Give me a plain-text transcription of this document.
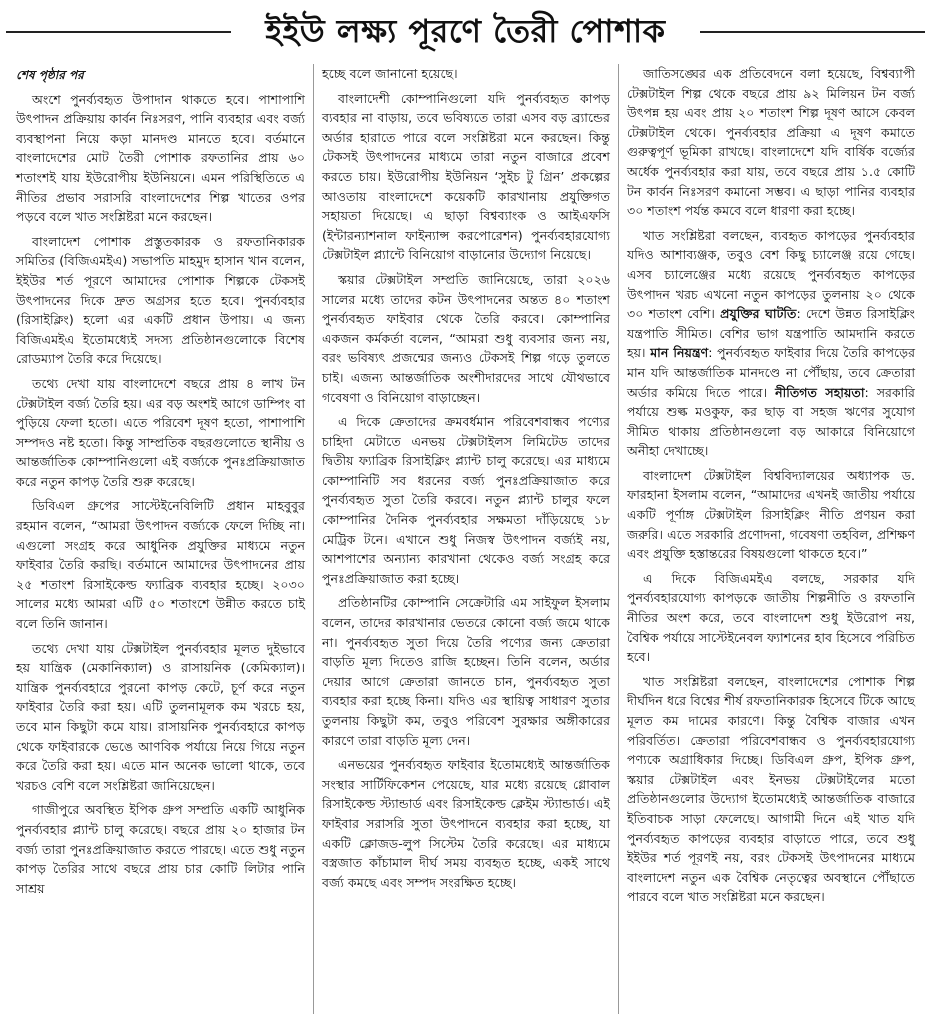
ইইউ লক্ষ্য পূরণে তৈরী পোশাক
শেষ পৃষ্ঠার পর

অংশে পুনর্ব্যবহৃত উপাদান থাকতে হবে। পাশাপাশি উৎপাদন প্রক্রিয়ায় কার্বন নিঃসরণ, পানি ব্যবহার এবং বর্জ্য ব্যবস্থাপনা নিয়ে কড়া মানদণ্ড মানতে হবে। বর্তমানে বাংলাদেশের মোট তৈরী পোশাক রফতানির প্রায় ৬০ শতাংশই যায় ইউরোপীয় ইউনিয়নে। এমন পরিস্থিতিতে এ নীতির প্রভাব সরাসরি বাংলাদেশের শিল্প খাতের ওপর পড়বে বলে খাত সংশ্লিষ্টরা মনে করছেন।

বাংলাদেশ পোশাক প্রস্তুতকারক ও রফতানিকারক সমিতির (বিজিএমইএ) সভাপতি মাহমুদ হাসান খান বলেন, ইইউর শর্ত পূরণে আমাদের পোশাক শিল্পকে টেকসই উৎপাদনের দিকে দ্রুত অগ্রসর হতে হবে। পুনর্ব্যবহার (রিসাইক্লিং) হলো এর একটি প্রধান উপায়। এ জন্য বিজিএমইএ ইতোমধ্যেই সদস্য প্রতিষ্ঠানগুলোকে বিশেষ রোডম্যাপ তৈরি করে দিয়েছে।

তথ্যে দেখা যায় বাংলাদেশে বছরে প্রায় ৪ লাখ টন টেক্সটাইল বর্জ্য তৈরি হয়। এর বড় অংশই আগে ডাম্পিং বা পুড়িয়ে ফেলা হতো। এতে পরিবেশ দূষণ হতো, পাশাপাশি সম্পদও নষ্ট হতো। কিন্তু সাম্প্রতিক বছরগুলোতে স্থানীয় ও আন্তর্জাতিক কোম্পানিগুলো এই বর্জ্যকে পুনঃপ্রক্রিয়াজাত করে নতুন কাপড় তৈরি শুরু করেছে।

ডিবিএল গ্রুপের সাস্টেইনেবিলিটি প্রধান মাহবুবুর রহমান বলেন, “আমরা উৎপাদন বর্জ্যকে ফেলে দিচ্ছি না। এগুলো সংগ্রহ করে আধুনিক প্রযুক্তির মাধ্যমে নতুন ফাইবার তৈরি করছি। বর্তমানে আমাদের উৎপাদনের প্রায় ২৫ শতাংশ রিসাইকেল্ড ফ্যাব্রিক ব্যবহার হচ্ছে। ২০৩০ সালের মধ্যে আমরা এটি ৫০ শতাংশে উন্নীত করতে চাই বলে তিনি জানান।

তথ্যে দেখা যায় টেক্সটাইল পুনর্ব্যবহার মূলত দুইভাবে হয় যান্ত্রিক (মেকানিক্যাল) ও রাসায়নিক (কেমিক্যাল)। যান্ত্রিক পুনর্ব্যবহারে পুরনো কাপড় কেটে, চূর্ণ করে নতুন ফাইবার তৈরি করা হয়। এটি তুলনামূলক কম খরচে হয়, তবে মান কিছুটা কমে যায়। রাসায়নিক পুনর্ব্যবহারে কাপড় থেকে ফাইবারকে ভেঙে আণবিক পর্যায়ে নিয়ে গিয়ে নতুন করে তৈরি করা হয়। এতে মান অনেক ভালো থাকে, তবে খরচও বেশি বলে সংশ্লিষ্টরা জানিয়েছেন।

গাজীপুরে অবস্থিত ইপিক গ্রুপ সম্প্রতি একটি আধুনিক পুনর্ব্যবহার প্ল্যান্ট চালু করেছে। বছরে প্রায় ২০ হাজার টন বর্জ্য তারা পুনঃপ্রক্রিয়াজাত করতে পারছে। এতে শুধু নতুন কাপড় তৈরির সাথে বছরে প্রায় চার কোটি লিটার পানি সাশ্রয়

হচ্ছে বলে জানানো হয়েছে।

বাংলাদেশী কোম্পানিগুলো যদি পুনর্ব্যবহৃত কাপড় ব্যবহার না বাড়ায়, তবে ভবিষ্যতে তারা এসব বড় ব্র্যান্ডের অর্ডার হারাতে পারে বলে সংশ্লিষ্টরা মনে করছেন। কিন্তু টেকসই উৎপাদনের মাধ্যমে তারা নতুন বাজারে প্রবেশ করতে চায়। ইউরোপীয় ইউনিয়ন ‘সুইচ টু গ্রিন’ প্রকল্পের আওতায় বাংলাদেশে কয়েকটি কারখানায় প্রযুক্তিগত সহায়তা দিয়েছে। এ ছাড়া বিশ্বব্যাংক ও আইএফসি (ইন্টারন্যাশনাল ফাইন্যান্স করপোরেশন) পুনর্ব্যবহারযোগ্য টেক্সটাইল প্ল্যান্টে বিনিয়োগ বাড়ানোর উদ্যোগ নিয়েছে।

স্কয়ার টেক্সটাইল সম্প্রতি জানিয়েছে, তারা ২০২৬ সালের মধ্যে তাদের কটন উৎপাদনের অন্তত ৪০ শতাংশ পুনর্ব্যবহৃত ফাইবার থেকে তৈরি করবে। কোম্পানির একজন কর্মকর্তা বলেন, “আমরা শুধু ব্যবসার জন্য নয়, বরং ভবিষ্যৎ প্রজন্মের জন্যও টেকসই শিল্প গড়ে তুলতে চাই। এজন্য আন্তর্জাতিক অংশীদারদের সাথে যৌথভাবে গবেষণা ও বিনিয়োগ বাড়াচ্ছেন।

এ দিকে ক্রেতাদের ক্রমবর্ধমান পরিবেশবান্ধব পণ্যের চাহিদা মেটাতে এনভয় টেক্সটাইলস লিমিটেড তাদের দ্বিতীয় ফ্যাব্রিক রিসাইক্লিং প্ল্যান্ট চালু করেছে। এর মাধ্যমে কোম্পানিটি সব ধরনের বর্জ্য পুনঃপ্রক্রিয়াজাত করে পুনর্ব্যবহৃত সুতা তৈরি করবে। নতুন প্ল্যান্ট চালুর ফলে কোম্পানির দৈনিক পুনর্ব্যবহার সক্ষমতা দাঁড়িয়েছে ১৮ মেট্রিক টনে। এখানে শুধু নিজস্ব উৎপাদন বর্জ্যই নয়, আশপাশের অন্যান্য কারখানা থেকেও বর্জ্য সংগ্রহ করে পুনঃপ্রক্রিয়াজাত করা হচ্ছে।

প্রতিষ্ঠানটির কোম্পানি সেক্রেটারি এম সাইফুল ইসলাম বলেন, তাদের কারখানার ভেতরে কোনো বর্জ্য জমে থাকে না। পুনর্ব্যবহৃত সুতা দিয়ে তৈরি পণ্যের জন্য ক্রেতারা বাড়তি মূল্য দিতেও রাজি হচ্ছেন। তিনি বলেন, অর্ডার দেয়ার আগে ক্রেতারা জানতে চান, পুনর্ব্যবহৃত সুতা ব্যবহার করা হচ্ছে কিনা। যদিও এর স্থায়িত্ব সাধারণ সুতার তুলনায় কিছুটা কম, তবুও পরিবেশ সুরক্ষার অঙ্গীকারের কারণে তারা বাড়তি মূল্য দেন।

এনভয়ের পুনর্ব্যবহৃত ফাইবার ইতোমধ্যেই আন্তর্জাতিক সংস্থার সার্টিফিকেশন পেয়েছে, যার মধ্যে রয়েছে গ্লোবাল রিসাইকেল্ড স্ট্যান্ডার্ড এবং রিসাইকেল্ড ক্লেইম স্ট্যান্ডার্ড। এই ফাইবার সরাসরি সুতা উৎপাদনে ব্যবহার করা হচ্ছে, যা একটি ক্লোজড-লুপ সিস্টেম তৈরি করেছে। এর মাধ্যমে বস্ত্রজাত কাঁচামাল দীর্ঘ সময় ব্যবহৃত হচ্ছে, একই সাথে বর্জ্য কমছে এবং সম্পদ সংরক্ষিত হচ্ছে।

জাতিসঙ্ঘের এক প্রতিবেদনে বলা হয়েছে, বিশ্বব্যাপী টেক্সটাইল শিল্প থেকে বছরে প্রায় ৯২ মিলিয়ন টন বর্জ্য উৎপন্ন হয় এবং প্রায় ২০ শতাংশ শিল্প দূষণ আসে কেবল টেক্সটাইল থেকে। পুনর্ব্যবহার প্রক্রিয়া এ দূষণ কমাতে গুরুত্বপূর্ণ ভূমিকা রাখছে। বাংলাদেশে যদি বার্ষিক বর্জ্যের অর্ধেক পুনর্ব্যবহার করা যায়, তবে বছরে প্রায় ১.৫ কোটি টন কার্বন নিঃসরণ কমানো সম্ভব। এ ছাড়া পানির ব্যবহার ৩০ শতাংশ পর্যন্ত কমবে বলে ধারণা করা হচ্ছে।

খাত সংশ্লিষ্টরা বলছেন, ব্যবহৃত কাপড়ের পুনর্ব্যবহার যদিও আশাব্যঞ্জক, তবুও বেশ কিছু চ্যালেঞ্জ রয়ে গেছে। এসব চ্যালেঞ্জের মধ্যে রয়েছে পুনর্ব্যবহৃত কাপড়ের উৎপাদন খরচ এখনো নতুন কাপড়ের তুলনায় ২০ থেকে ৩০ শতাংশ বেশি। প্রযুক্তির ঘাটতি: দেশে উন্নত রিসাইক্লিং যন্ত্রপাতি সীমিত। বেশির ভাগ যন্ত্রপাতি আমদানি করতে হয়। মান নিয়ন্ত্রণ: পুনর্ব্যবহৃত ফাইবার দিয়ে তৈরি কাপড়ের মান যদি আন্তর্জাতিক মানদণ্ডে না পৌঁছায়, তবে ক্রেতারা অর্ডার কমিয়ে দিতে পারে। নীতিগত সহায়তা: সরকারি পর্যায়ে শুল্ক মওকুফ, কর ছাড় বা সহজ ঋণের সুযোগ সীমিত থাকায় প্রতিষ্ঠানগুলো বড় আকারে বিনিয়োগে অনীহা দেখাচ্ছে।

বাংলাদেশ টেক্সটাইল বিশ্ববিদ্যালয়ের অধ্যাপক ড. ফারহানা ইসলাম বলেন, “আমাদের এখনই জাতীয় পর্যায়ে একটি পূর্ণাঙ্গ টেক্সটাইল রিসাইক্লিং নীতি প্রণয়ন করা জরুরি। এতে সরকারি প্রণোদনা, গবেষণা তহবিল, প্রশিক্ষণ এবং প্রযুক্তি হস্তান্তরের বিষয়গুলো থাকতে হবে।”

এ দিকে বিজিএমইএ বলছে, সরকার যদি পুনর্ব্যবহারযোগ্য কাপড়কে জাতীয় শিল্পনীতি ও রফতানি নীতির অংশ করে, তবে বাংলাদেশ শুধু ইউরোপ নয়, বৈশ্বিক পর্যায়ে সাস্টেইনেবল ফ্যাশনের হাব হিসেবে পরিচিত হবে।

খাত সংশ্লিষ্টরা বলছেন, বাংলাদেশের পোশাক শিল্প দীর্ঘদিন ধরে বিশ্বের শীর্ষ রফতানিকারক হিসেবে টিকে আছে মূলত কম দামের কারণে। কিন্তু বৈশ্বিক বাজার এখন পরিবর্তিত। ক্রেতারা পরিবেশবান্ধব ও পুনর্ব্যবহারযোগ্য পণ্যকে অগ্রাধিকার দিচ্ছে। ডিবিএল গ্রুপ, ইপিক গ্রুপ, স্কয়ার টেক্সটাইল এবং ইনভয় টেক্সটাইলের মতো প্রতিষ্ঠানগুলোর উদ্যোগ ইতোমধ্যেই আন্তর্জাতিক বাজারে ইতিবাচক সাড়া ফেলেছে। আগামী দিনে এই খাত যদি পুনর্ব্যবহৃত কাপড়ের ব্যবহার বাড়াতে পারে, তবে শুধু ইইউর শর্ত পূরণই নয়, বরং টেকসই উৎপাদনের মাধ্যমে বাংলাদেশ নতুন এক বৈশ্বিক নেতৃত্বের অবস্থানে পৌঁছাতে পারবে বলে খাত সংশ্লিষ্টরা মনে করছেন।
